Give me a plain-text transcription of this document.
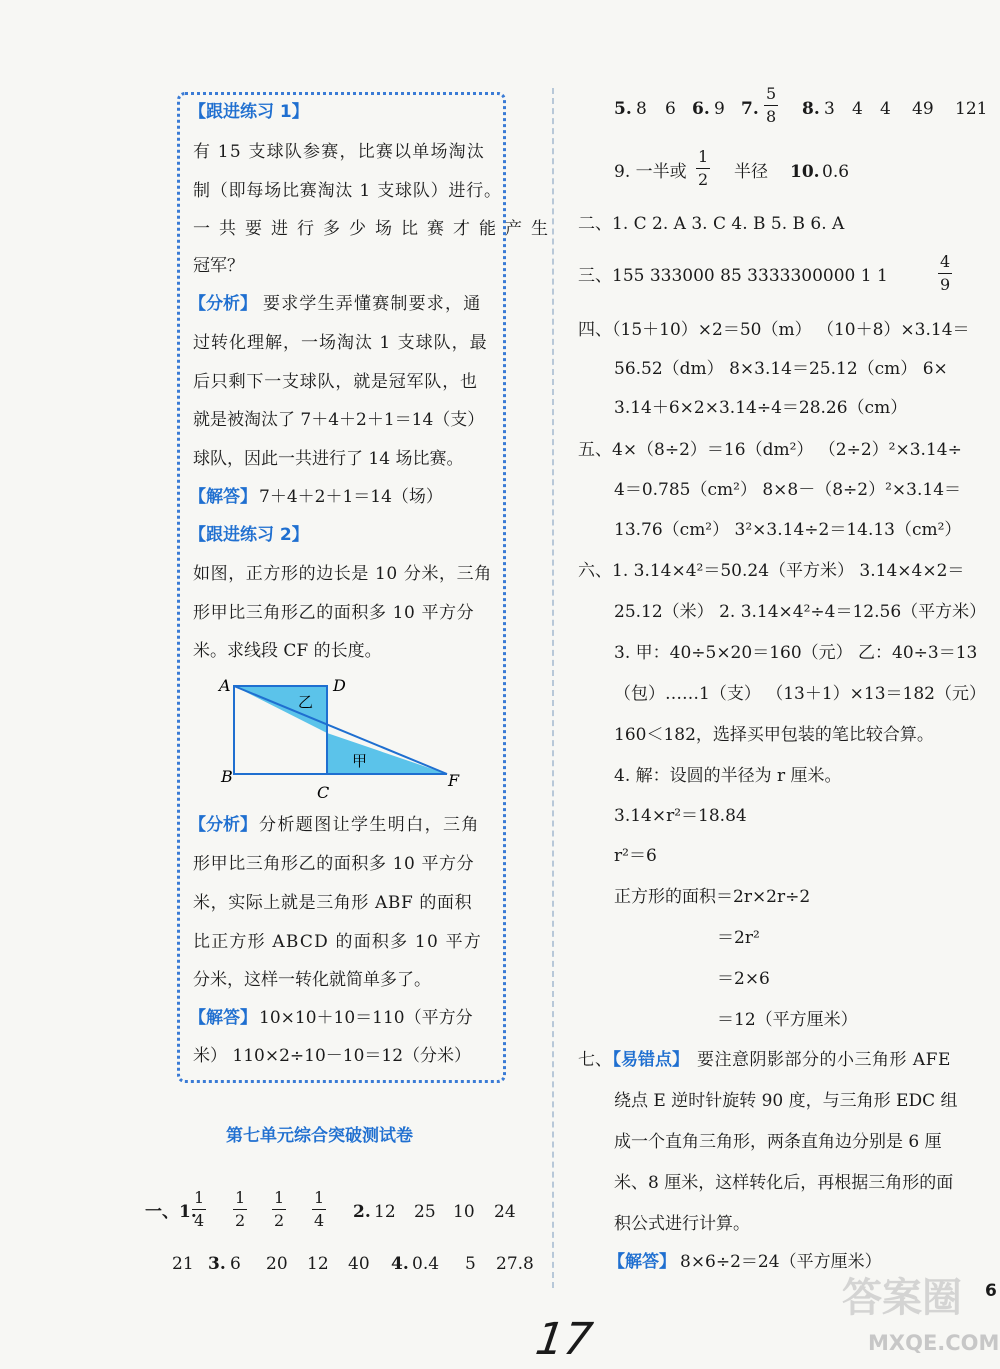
【跟进练习 1】
有 15 支球队参赛，比赛以单场淘汰
制（即每场比赛淘汰 1 支球队）进行。
一共要进行多少场比赛才能产生
冠军？
【分析】 要求学生弄懂赛制要求，通
过转化理解，一场淘汰 1 支球队，最
后只剩下一支球队，就是冠军队，也
就是被淘汰了 7＋4＋2＋1＝14（支）
球队，因此一共进行了 14 场比赛。
【解答】 7＋4＋2＋1＝14（场）
【跟进练习 2】
如图，正方形的边长是 10 分米，三角
形甲比三角形乙的面积多 10 平方分
米。求线段 CF 的长度。
A	D
B
C
F
乙
甲
【分析】 分析题图让学生明白，三角
形甲比三角形乙的面积多 10 平方分
米，实际上就是三角形 ABF 的面积
比正方形 ABCD 的面积多 10 平方
分米，这样一转化就简单多了。
【解答】 10×10＋10＝110（平方分
米） 110×2÷10－10＝12（分米）
第七单元综合突破测试卷
一、1.
1
4
1
2
1
2
1
4 2. 12 25 10 24
21 3. 6 20 12 40 4. 0.4 5 27.8
5. 8 6 6. 9 7.
5
8 8. 3 4 4 49 121
9. 一半或
1
2 半径 10. 0.6
二、1. C 2. A 3. C 4. B 5. B 6. A
三、155 333000 85 3333300000 1 1
4
9
四、（15＋10）×2＝50（m） （10＋8）×3.14＝
56.52（dm） 8×3.14＝25.12（cm） 6×
3.14＋6×2×3.14÷4＝28.26（cm）
五、4×（8÷2）＝16（dm²） （2÷2）²×3.14÷
4＝0.785（cm²） 8×8－（8÷2）²×3.14＝
13.76（cm²） 3²×3.14÷2＝14.13（cm²）
六、1. 3.14×4²＝50.24（平方米） 3.14×4×2＝
25.12（米） 2. 3.14×4²÷4＝12.56（平方米）
3. 甲：40÷5×20＝160（元） 乙：40÷3＝13
（包）……1（支） （13＋1）×13＝182（元）
160＜182，选择买甲包装的笔比较合算。
4. 解：设圆的半径为 r 厘米。
3.14×r²＝18.84
r²＝6
正方形的面积＝2r×2r÷2
＝2r²
＝2×6
＝12（平方厘米）
七、
【易错点】 要注意阴影部分的小三角形 AFE
绕点 E 逆时针旋转 90 度，与三角形 EDC 组
成一个直角三角形，两条直角边分别是 6 厘
米、8 厘米，这样转化后，再根据三角形的面
积公式进行计算。
【解答】 8×6÷2＝24（平方厘米）
6
17
答案圈
MXQE.COM
